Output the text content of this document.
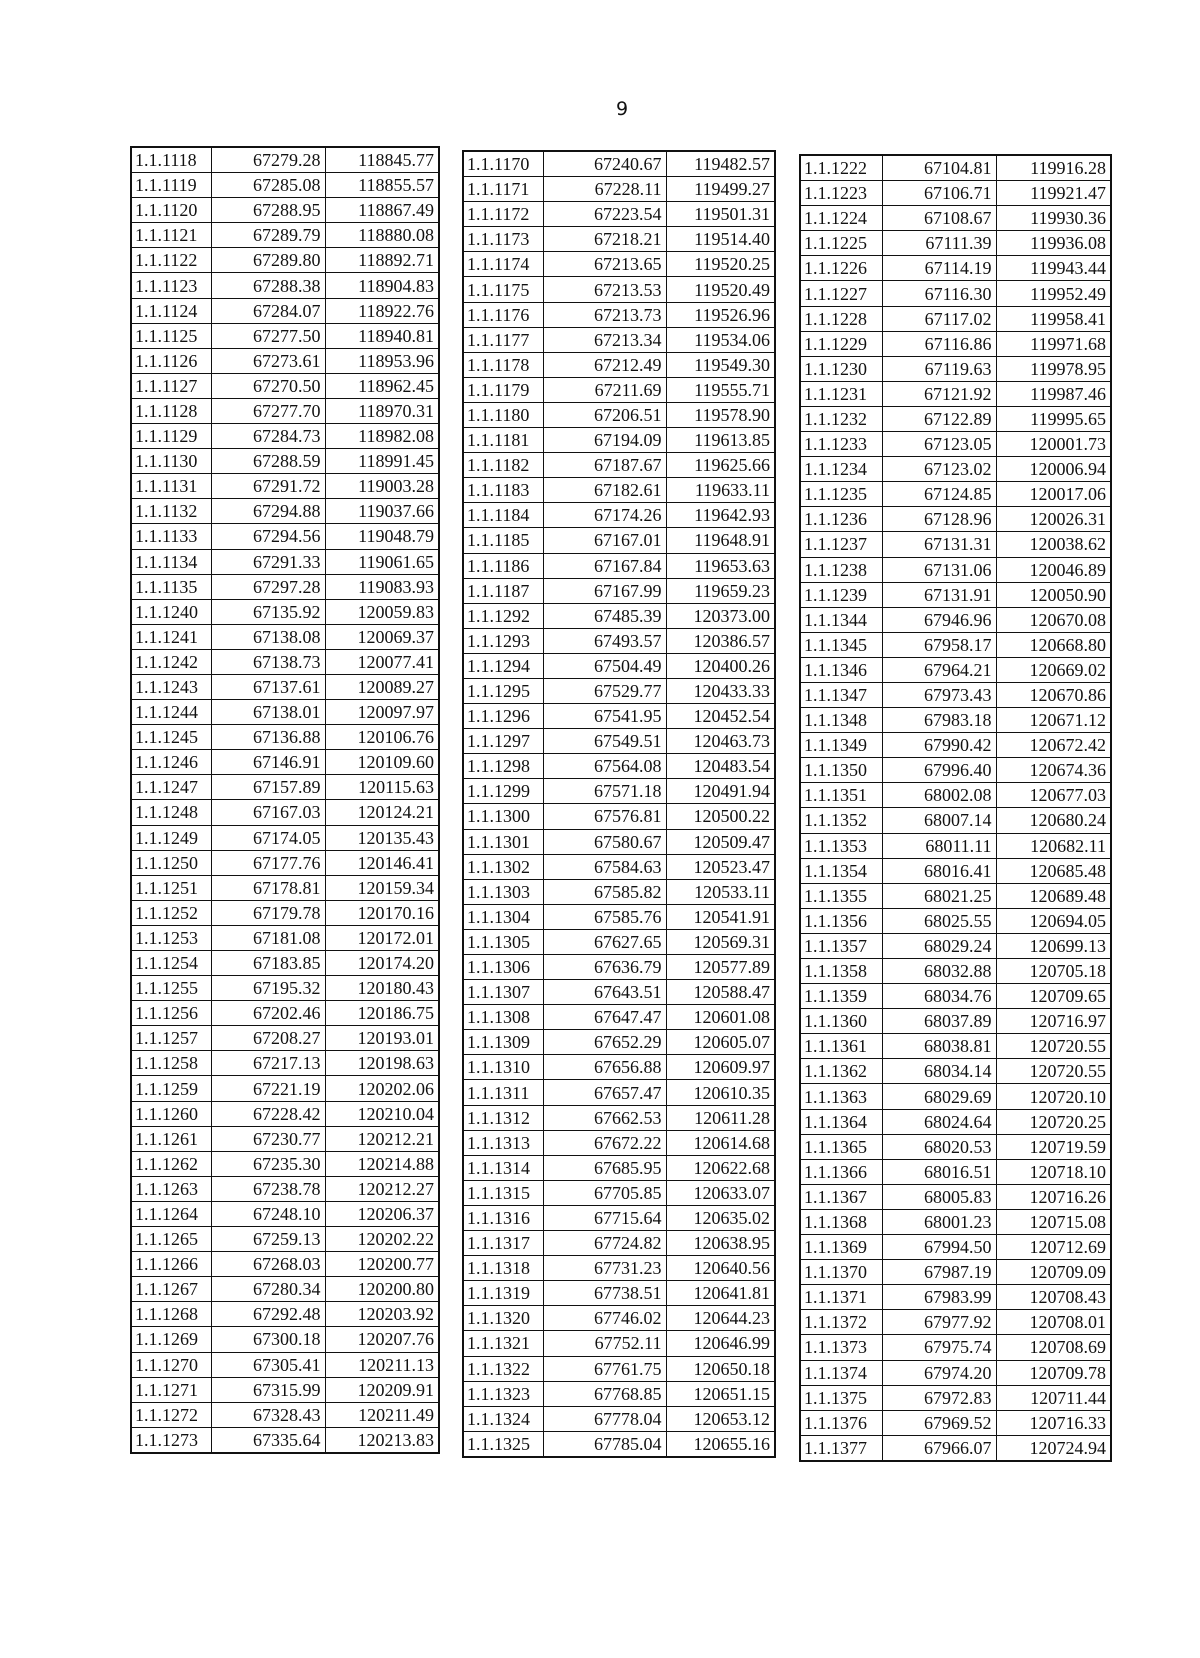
9
1.1.1118	67279.28	118845.77
1.1.1119	67285.08	118855.57
1.1.1120	67288.95	118867.49
1.1.1121	67289.79	118880.08
1.1.1122	67289.80	118892.71
1.1.1123	67288.38	118904.83
1.1.1124	67284.07	118922.76
1.1.1125	67277.50	118940.81
1.1.1126	67273.61	118953.96
1.1.1127	67270.50	118962.45
1.1.1128	67277.70	118970.31
1.1.1129	67284.73	118982.08
1.1.1130	67288.59	118991.45
1.1.1131	67291.72	119003.28
1.1.1132	67294.88	119037.66
1.1.1133	67294.56	119048.79
1.1.1134	67291.33	119061.65
1.1.1135	67297.28	119083.93
1.1.1240	67135.92	120059.83
1.1.1241	67138.08	120069.37
1.1.1242	67138.73	120077.41
1.1.1243	67137.61	120089.27
1.1.1244	67138.01	120097.97
1.1.1245	67136.88	120106.76
1.1.1246	67146.91	120109.60
1.1.1247	67157.89	120115.63
1.1.1248	67167.03	120124.21
1.1.1249	67174.05	120135.43
1.1.1250	67177.76	120146.41
1.1.1251	67178.81	120159.34
1.1.1252	67179.78	120170.16
1.1.1253	67181.08	120172.01
1.1.1254	67183.85	120174.20
1.1.1255	67195.32	120180.43
1.1.1256	67202.46	120186.75
1.1.1257	67208.27	120193.01
1.1.1258	67217.13	120198.63
1.1.1259	67221.19	120202.06
1.1.1260	67228.42	120210.04
1.1.1261	67230.77	120212.21
1.1.1262	67235.30	120214.88
1.1.1263	67238.78	120212.27
1.1.1264	67248.10	120206.37
1.1.1265	67259.13	120202.22
1.1.1266	67268.03	120200.77
1.1.1267	67280.34	120200.80
1.1.1268	67292.48	120203.92
1.1.1269	67300.18	120207.76
1.1.1270	67305.41	120211.13
1.1.1271	67315.99	120209.91
1.1.1272	67328.43	120211.49
1.1.1273	67335.64	120213.83
1.1.1170	67240.67	119482.57
1.1.1171	67228.11	119499.27
1.1.1172	67223.54	119501.31
1.1.1173	67218.21	119514.40
1.1.1174	67213.65	119520.25
1.1.1175	67213.53	119520.49
1.1.1176	67213.73	119526.96
1.1.1177	67213.34	119534.06
1.1.1178	67212.49	119549.30
1.1.1179	67211.69	119555.71
1.1.1180	67206.51	119578.90
1.1.1181	67194.09	119613.85
1.1.1182	67187.67	119625.66
1.1.1183	67182.61	119633.11
1.1.1184	67174.26	119642.93
1.1.1185	67167.01	119648.91
1.1.1186	67167.84	119653.63
1.1.1187	67167.99	119659.23
1.1.1292	67485.39	120373.00
1.1.1293	67493.57	120386.57
1.1.1294	67504.49	120400.26
1.1.1295	67529.77	120433.33
1.1.1296	67541.95	120452.54
1.1.1297	67549.51	120463.73
1.1.1298	67564.08	120483.54
1.1.1299	67571.18	120491.94
1.1.1300	67576.81	120500.22
1.1.1301	67580.67	120509.47
1.1.1302	67584.63	120523.47
1.1.1303	67585.82	120533.11
1.1.1304	67585.76	120541.91
1.1.1305	67627.65	120569.31
1.1.1306	67636.79	120577.89
1.1.1307	67643.51	120588.47
1.1.1308	67647.47	120601.08
1.1.1309	67652.29	120605.07
1.1.1310	67656.88	120609.97
1.1.1311	67657.47	120610.35
1.1.1312	67662.53	120611.28
1.1.1313	67672.22	120614.68
1.1.1314	67685.95	120622.68
1.1.1315	67705.85	120633.07
1.1.1316	67715.64	120635.02
1.1.1317	67724.82	120638.95
1.1.1318	67731.23	120640.56
1.1.1319	67738.51	120641.81
1.1.1320	67746.02	120644.23
1.1.1321	67752.11	120646.99
1.1.1322	67761.75	120650.18
1.1.1323	67768.85	120651.15
1.1.1324	67778.04	120653.12
1.1.1325	67785.04	120655.16
1.1.1222	67104.81	119916.28
1.1.1223	67106.71	119921.47
1.1.1224	67108.67	119930.36
1.1.1225	67111.39	119936.08
1.1.1226	67114.19	119943.44
1.1.1227	67116.30	119952.49
1.1.1228	67117.02	119958.41
1.1.1229	67116.86	119971.68
1.1.1230	67119.63	119978.95
1.1.1231	67121.92	119987.46
1.1.1232	67122.89	119995.65
1.1.1233	67123.05	120001.73
1.1.1234	67123.02	120006.94
1.1.1235	67124.85	120017.06
1.1.1236	67128.96	120026.31
1.1.1237	67131.31	120038.62
1.1.1238	67131.06	120046.89
1.1.1239	67131.91	120050.90
1.1.1344	67946.96	120670.08
1.1.1345	67958.17	120668.80
1.1.1346	67964.21	120669.02
1.1.1347	67973.43	120670.86
1.1.1348	67983.18	120671.12
1.1.1349	67990.42	120672.42
1.1.1350	67996.40	120674.36
1.1.1351	68002.08	120677.03
1.1.1352	68007.14	120680.24
1.1.1353	68011.11	120682.11
1.1.1354	68016.41	120685.48
1.1.1355	68021.25	120689.48
1.1.1356	68025.55	120694.05
1.1.1357	68029.24	120699.13
1.1.1358	68032.88	120705.18
1.1.1359	68034.76	120709.65
1.1.1360	68037.89	120716.97
1.1.1361	68038.81	120720.55
1.1.1362	68034.14	120720.55
1.1.1363	68029.69	120720.10
1.1.1364	68024.64	120720.25
1.1.1365	68020.53	120719.59
1.1.1366	68016.51	120718.10
1.1.1367	68005.83	120716.26
1.1.1368	68001.23	120715.08
1.1.1369	67994.50	120712.69
1.1.1370	67987.19	120709.09
1.1.1371	67983.99	120708.43
1.1.1372	67977.92	120708.01
1.1.1373	67975.74	120708.69
1.1.1374	67974.20	120709.78
1.1.1375	67972.83	120711.44
1.1.1376	67969.52	120716.33
1.1.1377	67966.07	120724.94
